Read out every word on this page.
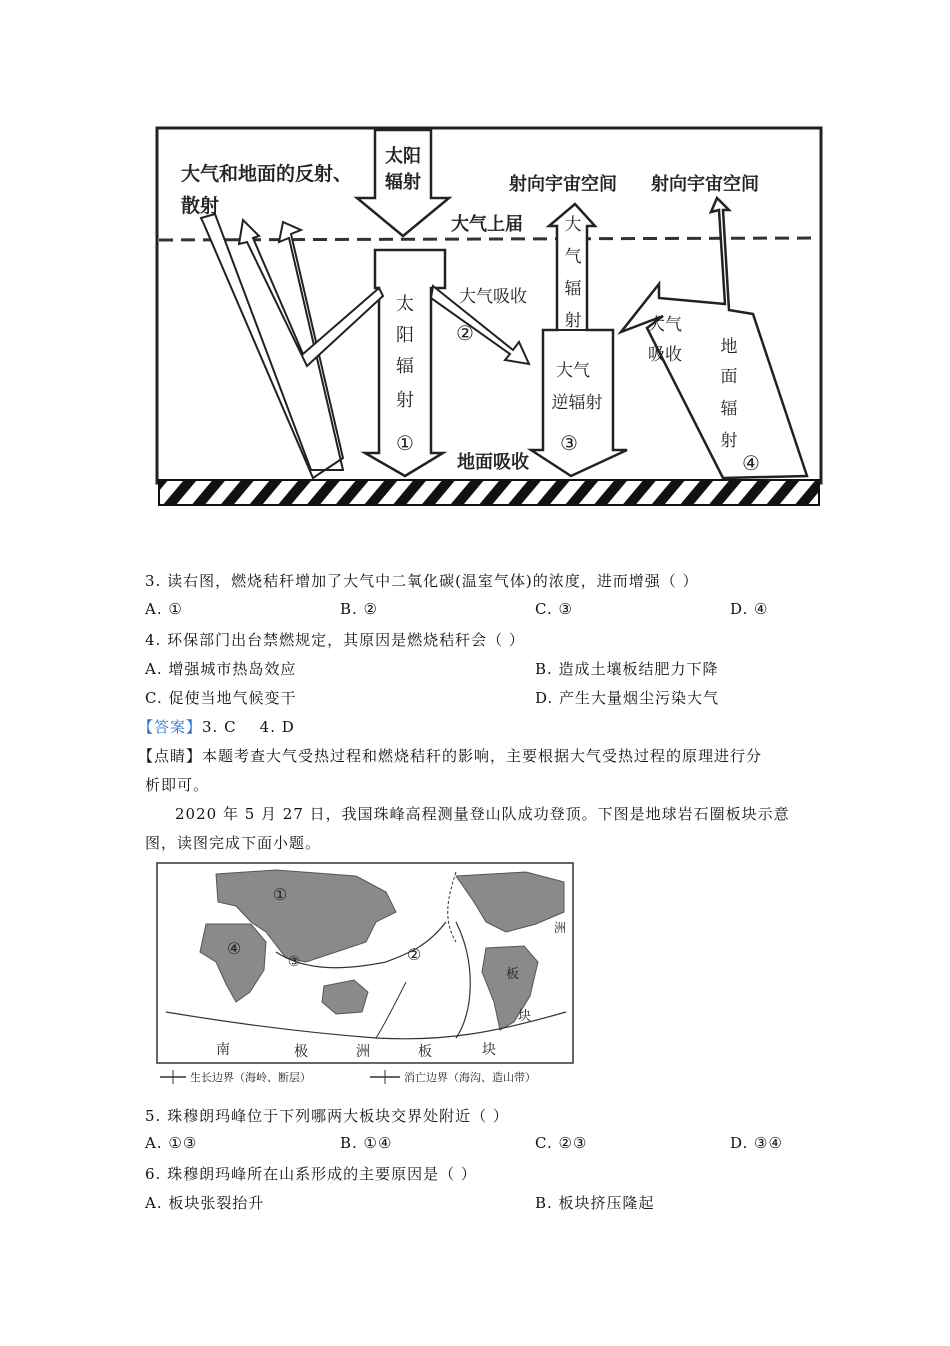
太阳
辐射
太
阳
辐
射
①
大气吸收
②
大气和地面的反射、
散射
大气上届
射向宇宙空间
大
气
辐
射
大气
逆辐射
③
地面吸收
射向宇宙空间
大气
吸收 地
面
辐
射
④
3. 读右图，燃烧秸秆增加了大气中二氧化碳(温室气体)的浓度，进而增强（ ）
A. ①	B. ②	C. ③	D. ④
4. 环保部门出台禁燃规定，其原因是燃烧秸秆会（ ）
A. 增强城市热岛效应	B. 造成土壤板结肥力下降
C. 促使当地气候变干	D. 产生大量烟尘污染大气
【答案】3. C    4. D
【点睛】本题考查大气受热过程和燃烧秸秆的影响，主要根据大气受热过程的原理进行分
析即可。
2020 年 5 月 27 日，我国珠峰高程测量登山队成功登顶。下图是地球岩石圈板块示意
图，读图完成下面小题。
①
②
③
④
洲
板
块
南	极	洲	板	块
生长边界（海岭、断层）	消亡边界（海沟、造山带）
5. 珠穆朗玛峰位于下列哪两大板块交界处附近（ ）
A. ①③	B. ①④	C. ②③	D. ③④
6. 珠穆朗玛峰所在山系形成的主要原因是（ ）
A. 板块张裂抬升	B. 板块挤压隆起
